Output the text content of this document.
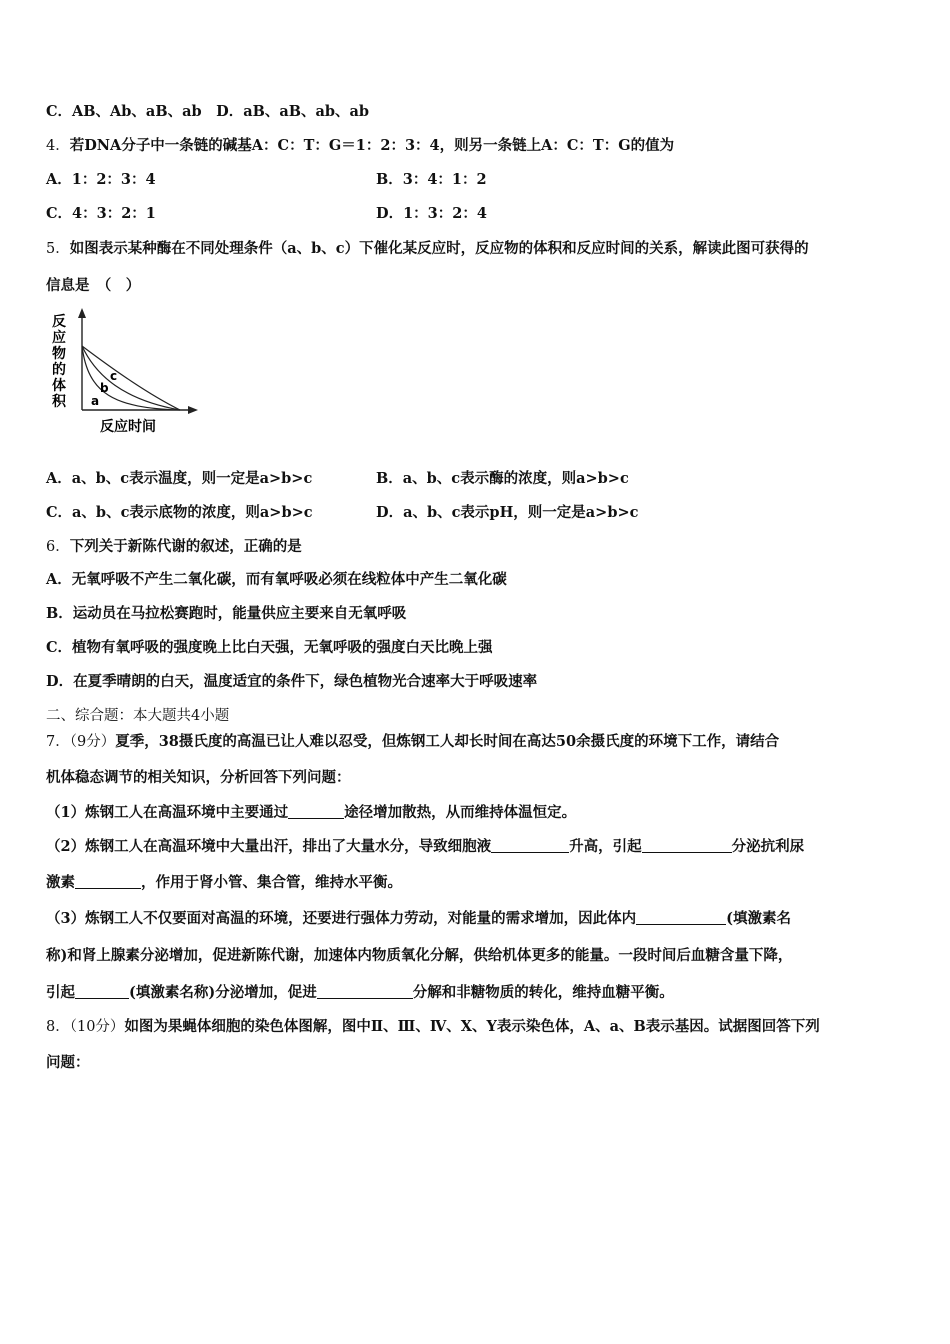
C．AB、Ab、aB、ab　D．aB、aB、ab、ab
4．若DNA分子中一条链的碱基A：C：T：G＝1：2：3：4，则另一条链上A：C：T：G的值为
A．1：2：3：4	B．3：4：1：2
C．4：3：2：1	D．1：3：2：4
5．如图表示某种酶在不同处理条件（a、b、c）下催化某反应时，反应物的体积和反应时间的关系，解读此图可获得的
信息是　（　）
反
应
物
的
体
积 a
b
c
反应时间
A．a、b、c表示温度，则一定是a>b>c	B．a、b、c表示酶的浓度，则a>b>c
C．a、b、c表示底物的浓度，则a>b>c	D．a、b、c表示pH，则一定是a>b>c
6．下列关于新陈代谢的叙述，正确的是
A．无氧呼吸不产生二氧化碳，而有氧呼吸必须在线粒体中产生二氧化碳
B．运动员在马拉松赛跑时，能量供应主要来自无氧呼吸
C．植物有氧呼吸的强度晚上比白天强，无氧呼吸的强度白天比晚上强
D．在夏季晴朗的白天，温度适宜的条件下，绿色植物光合速率大于呼吸速率
二、综合题：本大题共4小题
7．（9分）夏季，38摄氏度的高温已让人难以忍受，但炼钢工人却长时间在高达50余摄氏度的环境下工作，请结合
机体稳态调节的相关知识，分析回答下列问题：
（1）炼钢工人在高温环境中主要通过	途径增加散热，从而维持体温恒定。
（2）炼钢工人在高温环境中大量出汗，排出了大量水分，导致细胞液	升高，引起	分泌抗利尿
激素	，作用于肾小管、集合管，维持水平衡。
（3）炼钢工人不仅要面对高温的环境，还要进行强体力劳动，对能量的需求增加，因此体内	(填激素名
称)和肾上腺素分泌增加，促进新陈代谢，加速体内物质氧化分解，供给机体更多的能量。一段时间后血糖含量下降，
引起	(填激素名称)分泌增加，促进	分解和非糖物质的转化，维持血糖平衡。
8．（10分）如图为果蝇体细胞的染色体图解，图中Ⅱ、Ⅲ、Ⅳ、X、Y表示染色体，A、a、B表示基因。试据图回答下列
问题：
